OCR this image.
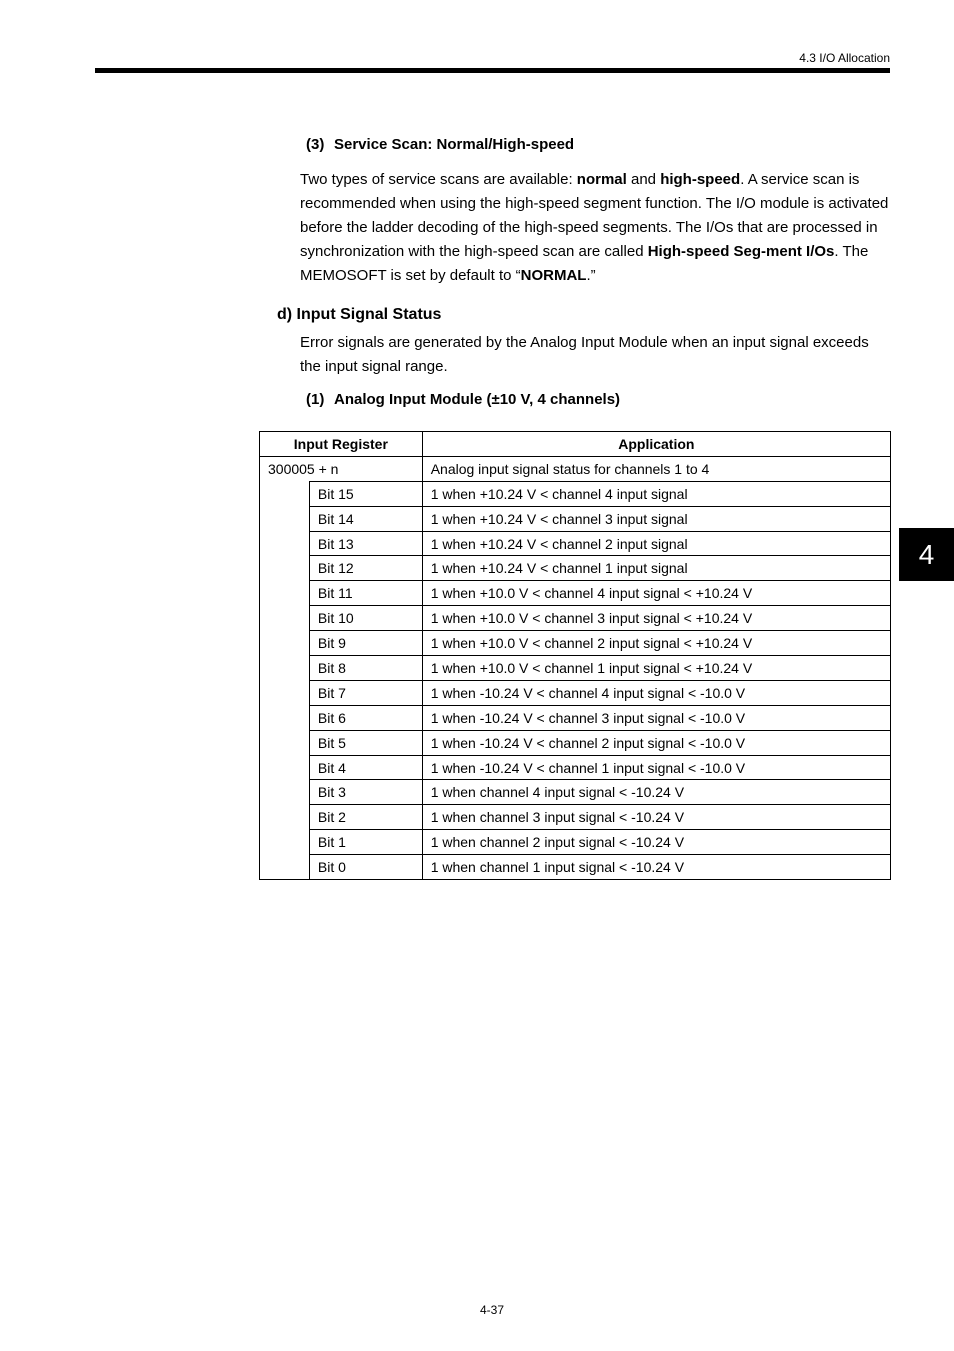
4.3 I/O Allocation
4
(3) Service Scan: Normal/High-speed
Two types of service scans are available: normal and high-speed. A service scan is recommended when using the high-speed segment function. The I/O module is activated before the ladder decoding of the high-speed segments. The I/Os that are processed in synchronization with the high-speed scan are called High-speed Seg-ment I/Os. The MEMOSOFT is set by default to “NORMAL.”
d) Input Signal Status
Error signals are generated by the Analog Input Module when an input signal exceeds the input signal range.
(1) Analog Input Module (±10 V, 4 channels)
Input Register		Application
300005 + n		Analog input signal status for channels 1 to 4
	Bit 15	1 when +10.24 V < channel 4 input signal
	Bit 14	1 when +10.24 V < channel 3 input signal
	Bit 13	1 when +10.24 V < channel 2 input signal
	Bit 12	1 when +10.24 V < channel 1 input signal
	Bit 11	1 when +10.0 V < channel 4 input signal < +10.24 V
	Bit 10	1 when +10.0 V < channel 3 input signal < +10.24 V
	Bit 9	1 when +10.0 V < channel 2 input signal < +10.24 V
	Bit 8	1 when +10.0 V < channel 1 input signal < +10.24 V
	Bit 7	1 when -10.24 V < channel 4 input signal < -10.0 V
	Bit 6	1 when -10.24 V < channel 3 input signal < -10.0 V
	Bit 5	1 when -10.24 V < channel 2 input signal < -10.0 V
	Bit 4	1 when -10.24 V < channel 1 input signal < -10.0 V
	Bit 3	1 when channel 4 input signal < -10.24 V
	Bit 2	1 when channel 3 input signal < -10.24 V
	Bit 1	1 when channel 2 input signal < -10.24 V
	Bit 0	1 when channel 1 input signal < -10.24 V
4-37
